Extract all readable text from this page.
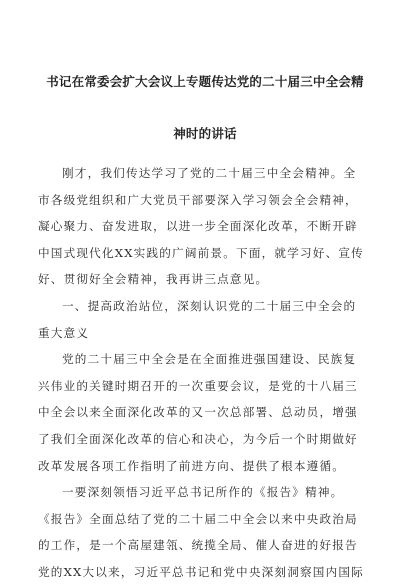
书记在常委会扩大会议上专题传达党的二十届三中全会精
神时的讲话
刚才，我们传达学习了党的二十届三中全会精神。全
市各级党组织和广大党员干部要深入学习领会全会精神，
凝心聚力、奋发进取，以进一步全面深化改革，不断开辟
中国式现代化XX实践的广阔前景。下面，就学习好、宣传
好、贯彻好全会精神，我再讲三点意见。
一、提高政治站位，深刻认识党的二十届三中全会的
重大意义
党的二十届三中全会是在全面推进强国建设、民族复
兴伟业的关键时期召开的一次重要会议，是党的十八届三
中全会以来全面深化改革的又一次总部署、总动员，增强
了我们全面深化改革的信心和决心，为今后一个时期做好
改革发展各项工作指明了前进方向、提供了根本遵循。
一要深刻领悟习近平总书记所作的《报告》精神。
《报告》全面总结了党的二十届二中全会以来中央政治局
的工作，是一个高屋建瓴、统揽全局、催人奋进的好报告
党的XX大以来，习近平总书记和党中央深刻洞察国内国际
